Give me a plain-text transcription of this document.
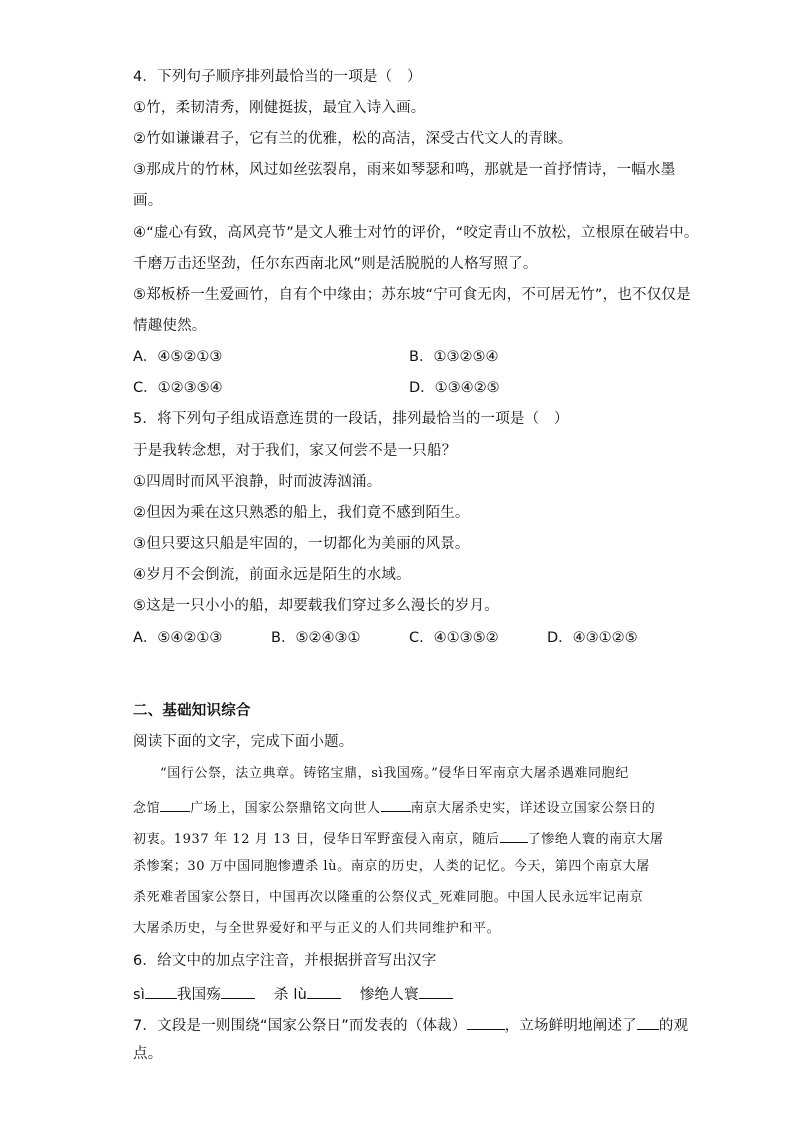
4．下列句子顺序排列最恰当的一项是（　）
①竹，柔韧清秀，刚健挺拔，最宜入诗入画。
②竹如谦谦君子，它有兰的优雅，松的高洁，深受古代文人的青睐。
③那成片的竹林，风过如丝弦裂帛，雨来如琴瑟和鸣，那就是一首抒情诗，一幅水墨
画。
④“虚心有致，高风亮节”是文人雅士对竹的评价，“咬定青山不放松，立根原在破岩中。
千磨万击还坚劲，任尔东西南北风”则是活脱脱的人格写照了。
⑤郑板桥一生爱画竹，自有个中缘由；苏东坡“宁可食无肉，不可居无竹”，也不仅仅是
情趣使然。
A．④⑤②①③	B．①③②⑤④
C．①②③⑤④	D．①③④②⑤
5．将下列句子组成语意连贯的一段话，排列最恰当的一项是（　）
于是我转念想，对于我们，家又何尝不是一只船？
①四周时而风平浪静，时而波涛汹涌。
②但因为乘在这只熟悉的船上，我们竟不感到陌生。
③但只要这只船是牢固的，一切都化为美丽的风景。
④岁月不会倒流，前面永远是陌生的水域。
⑤这是一只小小的船，却要载我们穿过多么漫长的岁月。
A．⑤④②①③	B．⑤②④③①	C．④①③⑤②	D．④③①②⑤
二、基础知识综合
阅读下面的文字，完成下面小题。
“国行公祭，法立典章。铸铭宝鼎，sì我国殇。”侵华日军南京大屠杀遇难同胞纪
念馆 广场上，国家公祭鼎铭文向世人 南京大屠杀史实，详述设立国家公祭日的
初衷。1937 年 12 月 13 日，侵华日军野蛮侵入南京，随后 了惨绝人寰的南京大屠
杀惨案；30 万中国同胞惨遭杀 lù。南京的历史，人类的记忆。今天，第四个南京大屠
杀死难者国家公祭日，中国再次以隆重的公祭仪式_死难同胞。中国人民永远牢记南京
大屠杀历史，与全世界爱好和平与正义的人们共同维护和平。
6．给文中的加点字注音，并根据拼音写出汉字
sì 我国殇	杀 lù	惨绝人寰
7．文段是一则围绕“国家公祭日”而发表的（体裁）	，立场鲜明地阐述了 的观
点。
